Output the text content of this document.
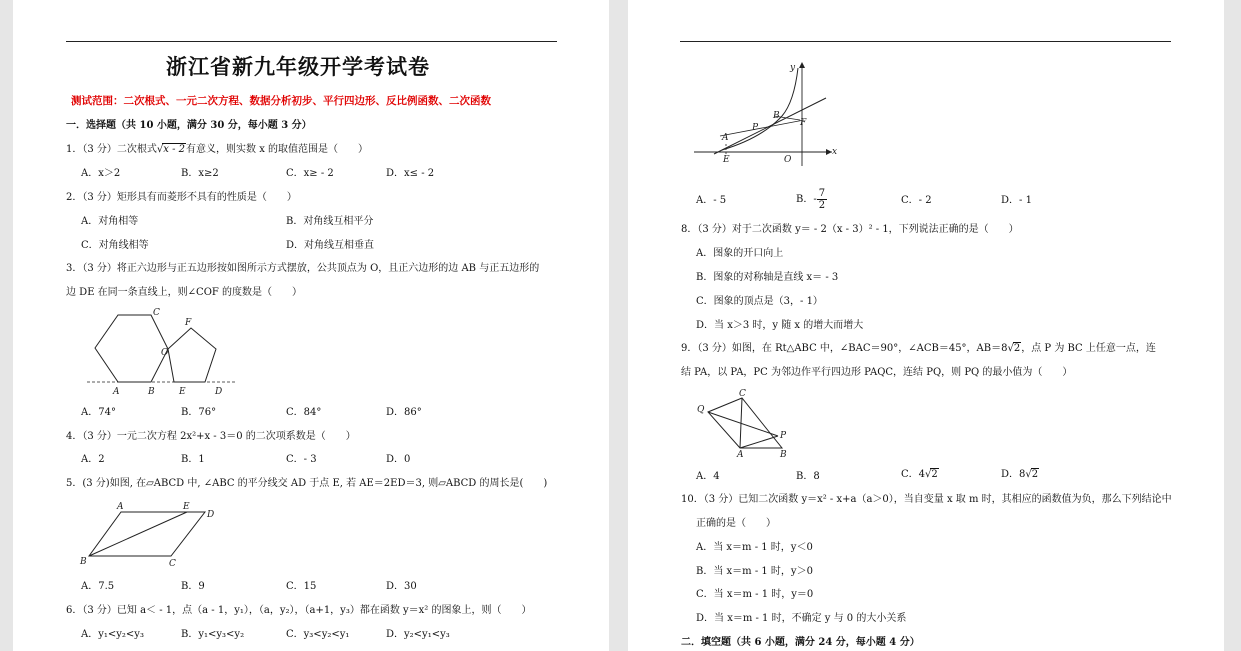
浙江省新九年级开学考试卷
测试范围：二次根式、一元二次方程、数据分析初步、平行四边形、反比例函数、二次函数
一．选择题（共 10 小题，满分 30 分，每小题 3 分）
1．（3 分）二次根式√x - 2有意义，则实数 x 的取值范围是（　　）
A．x＞2	B．x≥2	C．x≥ - 2	D．x≤ - 2
2．（3 分）矩形具有而菱形不具有的性质是（　　）
A．对角相等	B．对角线互相平分
C．对角线相等	D．对角线互相垂直
3．（3 分）将正六边形与正五边形按如图所示方式摆放，公共顶点为 O，且正六边形的边 AB 与正五边形的
边 DE 在同一条直线上，则∠COF 的度数是（　　）
C
F
O
A	B	E	D
A．74°	B．76°	C．84°	D．86°
4．（3 分）一元二次方程 2x²+x - 3＝0 的二次项系数是（　　）
A．2	B．1	C．- 3	D．0
5．(3 分)如图, 在▱ABCD 中, ∠ABC 的平分线交 AD 于点 E, 若 AE＝2ED＝3, 则▱ABCD 的周长是(　　)
A	E
D
B	C
A．7.5	B．9	C．15	D．30
6．（3 分）已知 a＜ - 1，点（a - 1，y₁），（a，y₂），（a+1，y₃）都在函数 y＝x² 的图象上，则（　　）
A．y₁<y₂<y₃	B．y₁<y₃<y₂	C．y₃<y₂<y₁	D．y₂<y₁<y₃
y
x
A
B
P	F
E	O
A．- 5	B．- $\frac{7}{2}$	C．- 2	D．- 1
8．（3 分）对于二次函数 y＝ - 2（x - 3）² - 1，下列说法正确的是（　　）
A．图象的开口向上
B．图象的对称轴是直线 x＝ - 3
C．图象的顶点是（3，- 1）
D．当 x＞3 时，y 随 x 的增大而增大
9．（3 分）如图，在 Rt△ABC 中，∠BAC＝90°，∠ACB＝45°，AB＝8√2，点 P 为 BC 上任意一点，连
结 PA，以 PA，PC 为邻边作平行四边形 PAQC，连结 PQ，则 PQ 的最小值为（　　）
Q
C
P
A	B
A．4	B．8	C．4√2	D．8√2
10．（3 分）已知二次函数 y＝x² - x+a（a＞0），当自变量 x 取 m 时，其相应的函数值为负，那么下列结论中
正确的是（　　）
A．当 x＝m - 1 时，y＜0
B．当 x＝m - 1 时，y＞0
C．当 x＝m - 1 时，y＝0
D．当 x＝m - 1 时，不确定 y 与 0 的大小关系
二．填空题（共 6 小题，满分 24 分，每小题 4 分）
